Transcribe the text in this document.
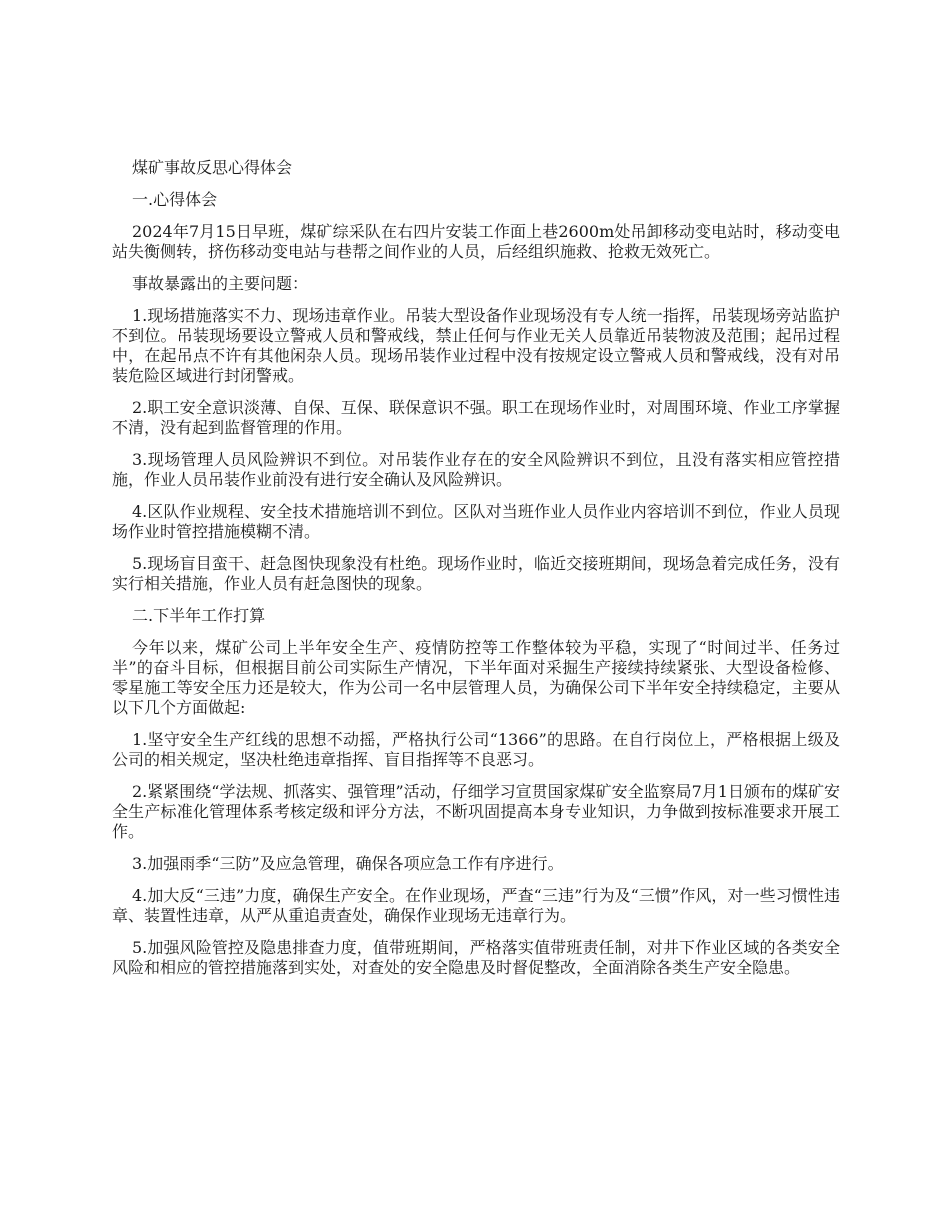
煤矿事故反思心得体会

一.心得体会

2024年7月15日早班，煤矿综采队在右四片安装工作面上巷2600m处吊卸移动变电站时，移动变电站失衡侧转，挤伤移动变电站与巷帮之间作业的人员，后经组织施救、抢救无效死亡。

事故暴露出的主要问题：

1.现场措施落实不力、现场违章作业。吊装大型设备作业现场没有专人统一指挥，吊装现场旁站监护不到位。吊装现场要设立警戒人员和警戒线，禁止任何与作业无关人员靠近吊装物波及范围；起吊过程中，在起吊点不许有其他闲杂人员。现场吊装作业过程中没有按规定设立警戒人员和警戒线，没有对吊装危险区域进行封闭警戒。

2.职工安全意识淡薄、自保、互保、联保意识不强。职工在现场作业时，对周围环境、作业工序掌握不清，没有起到监督管理的作用。

3.现场管理人员风险辨识不到位。对吊装作业存在的安全风险辨识不到位，且没有落实相应管控措施，作业人员吊装作业前没有进行安全确认及风险辨识。

4.区队作业规程、安全技术措施培训不到位。区队对当班作业人员作业内容培训不到位，作业人员现场作业时管控措施模糊不清。

5.现场盲目蛮干、赶急图快现象没有杜绝。现场作业时，临近交接班期间，现场急着完成任务，没有实行相关措施，作业人员有赶急图快的现象。

二.下半年工作打算

今年以来，煤矿公司上半年安全生产、疫情防控等工作整体较为平稳，实现了“时间过半、任务过半”的奋斗目标，但根据目前公司实际生产情况，下半年面对采掘生产接续持续紧张、大型设备检修、零星施工等安全压力还是较大，作为公司一名中层管理人员，为确保公司下半年安全持续稳定，主要从以下几个方面做起:

1.坚守安全生产红线的思想不动摇，严格执行公司“1366”的思路。在自行岗位上，严格根据上级及公司的相关规定，坚决杜绝违章指挥、盲目指挥等不良恶习。

2.紧紧围绕“学法规、抓落实、强管理”活动，仔细学习宣贯国家煤矿安全监察局7月1日颁布的煤矿安全生产标准化管理体系考核定级和评分方法，不断巩固提高本身专业知识，力争做到按标准要求开展工作。

3.加强雨季“三防”及应急管理，确保各项应急工作有序进行。

4.加大反“三违”力度，确保生产安全。在作业现场，严查“三违”行为及“三惯”作风，对一些习惯性违章、装置性违章，从严从重追责查处，确保作业现场无违章行为。

5.加强风险管控及隐患排查力度，值带班期间，严格落实值带班责任制，对井下作业区域的各类安全风险和相应的管控措施落到实处，对查处的安全隐患及时督促整改，全面消除各类生产安全隐患。
